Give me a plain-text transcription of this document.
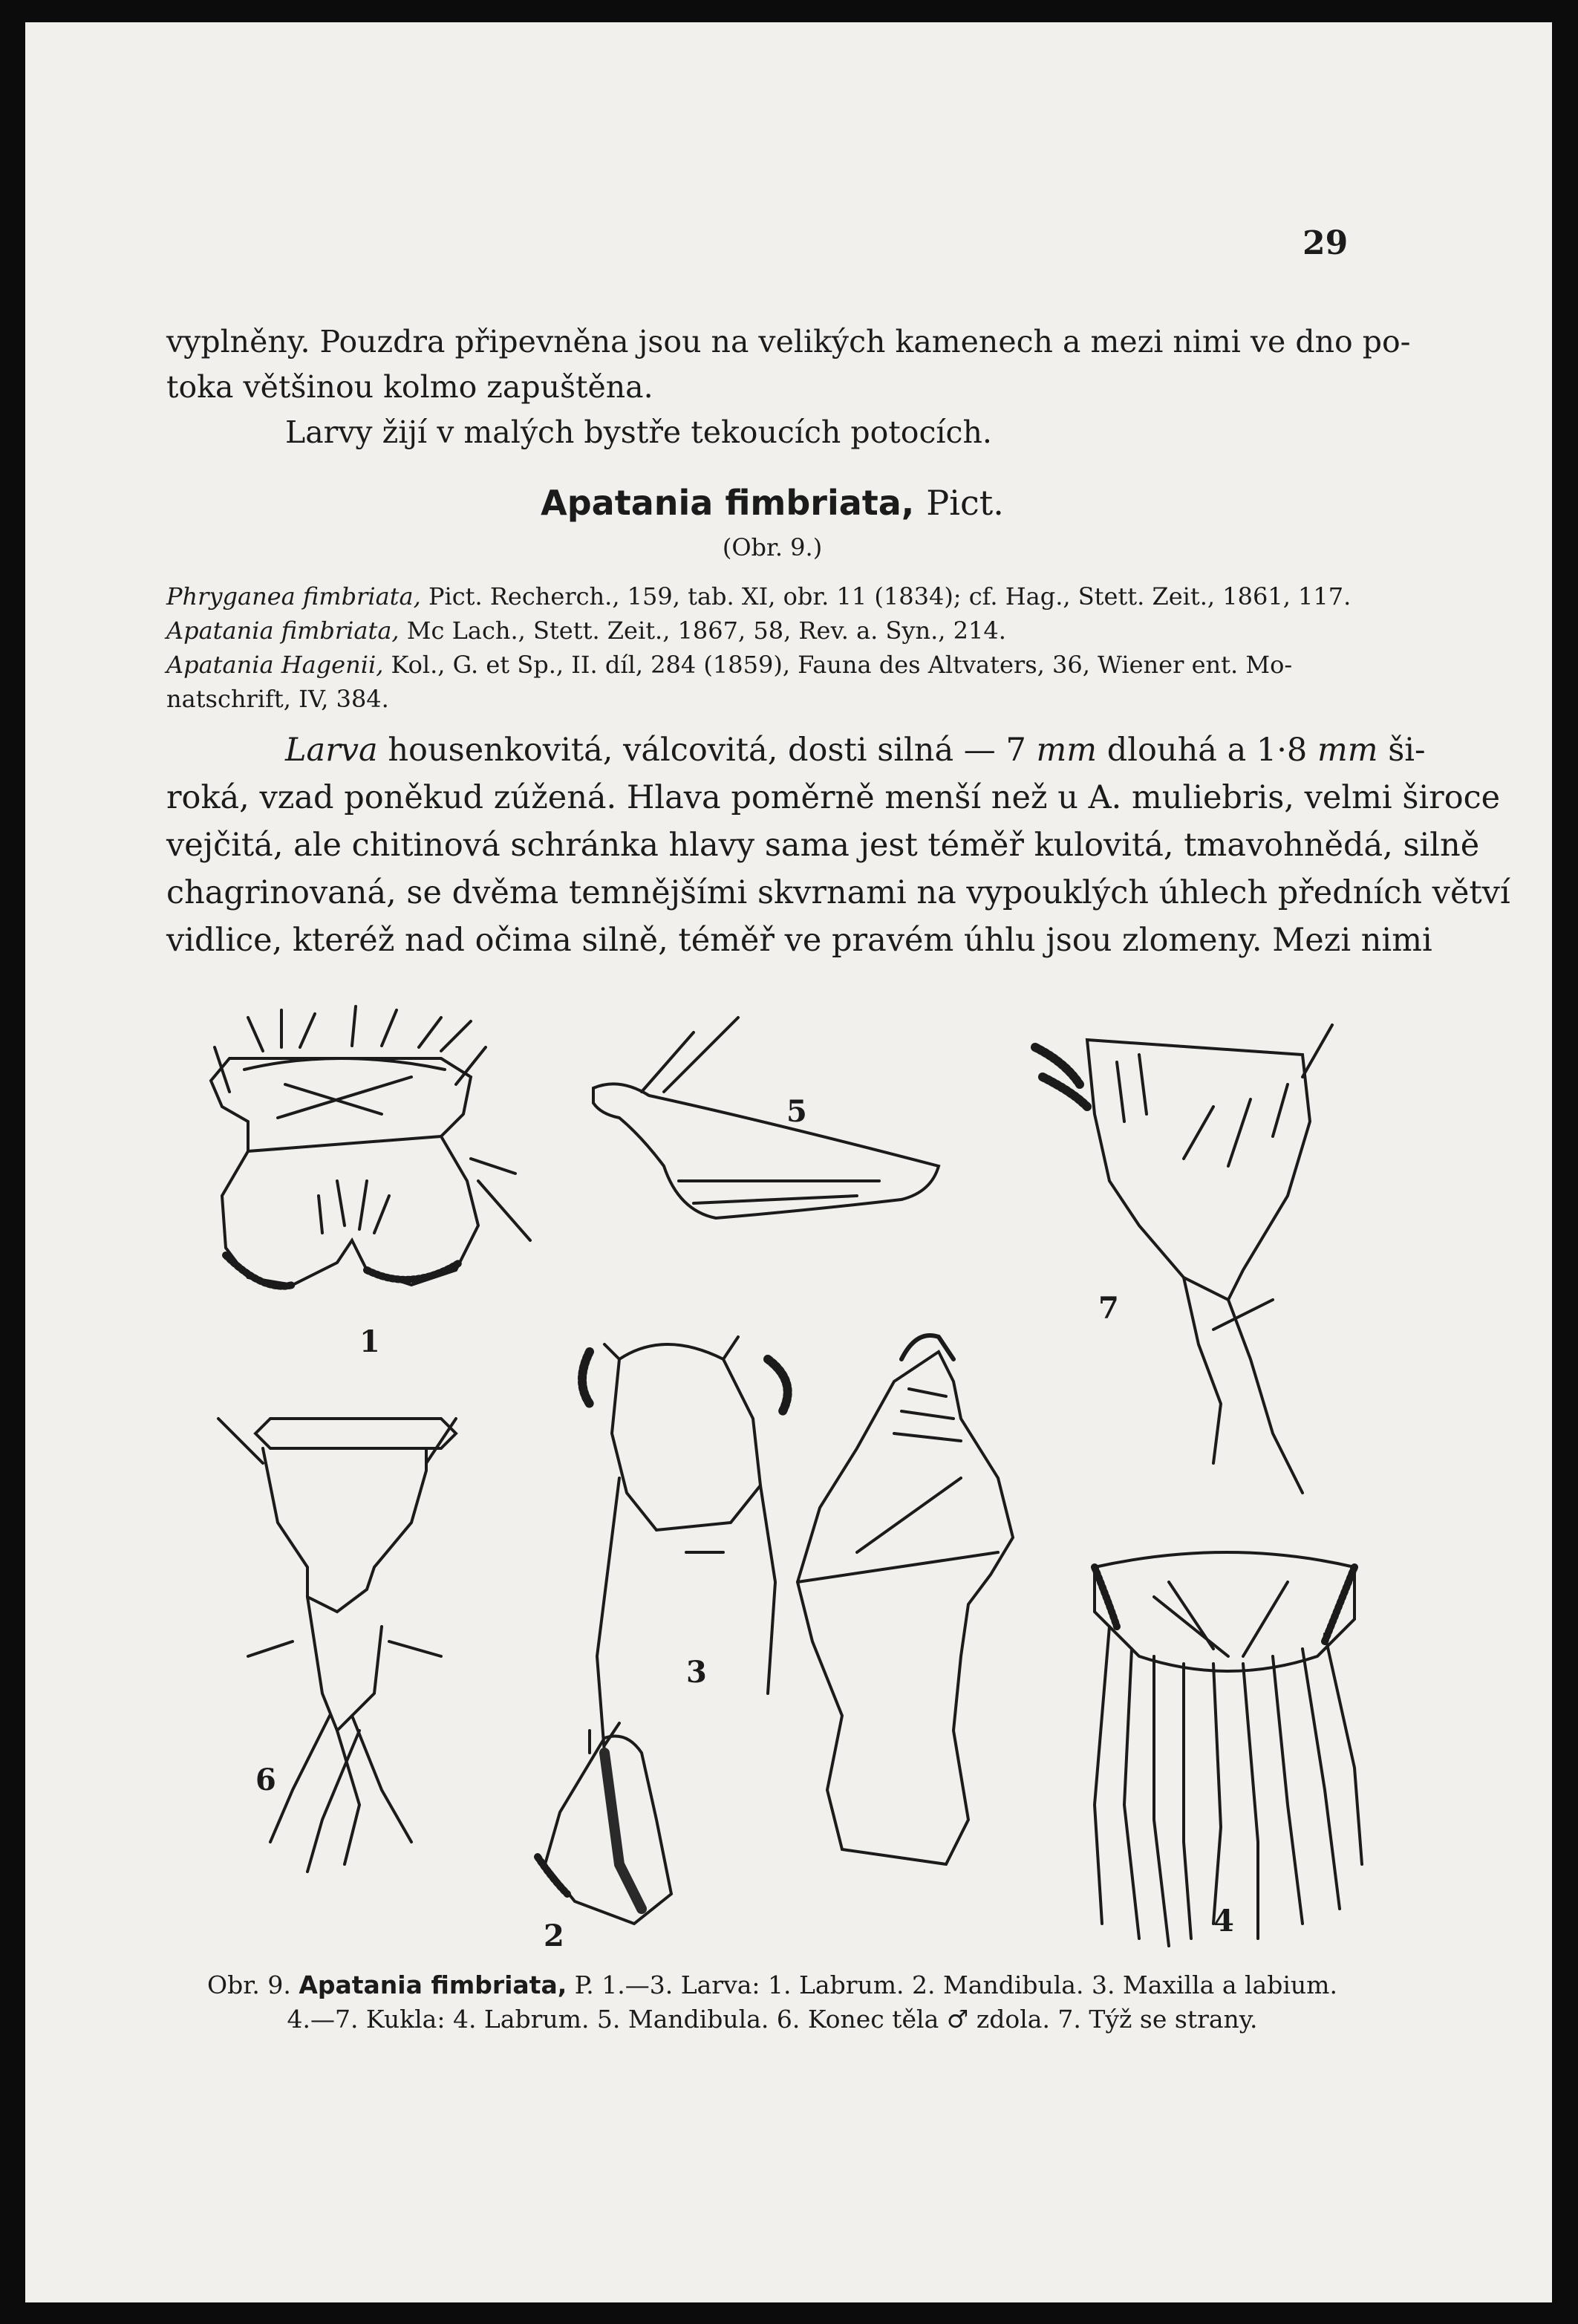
29
vyplněny. Pouzdra připevněna jsou na velikých kamenech a mezi nimi ve dno po-
toka většinou kolmo zapuštěna.
Larvy žijí v malých bystře tekoucích potocích.
Apatania fimbriata, Pict.
(Obr. 9.)
Phryganea fimbriata, Pict. Recherch., 159, tab. XI, obr. 11 (1834); cf. Hag., Stett. Zeit., 1861, 117.
Apatania fimbriata, Mc Lach., Stett. Zeit., 1867, 58, Rev. a. Syn., 214.
Apatania Hagenii, Kol., G. et Sp., II. díl, 284 (1859), Fauna des Altvaters, 36, Wiener ent. Mo-
natschrift, IV, 384.
Larva housenkovitá, válcovitá, dosti silná — 7 mm dlouhá a 1·8 mm ši-
roká, vzad poněkud zúžená. Hlava poměrně menší než u A. muliebris, velmi široce
vejčitá, ale chitinová schránka hlavy sama jest téměř kulovitá, tmavohnědá, silně
chagrinovaná, se dvěma temnějšími skvrnami na vypouklých úhlech předních větví
vidlice, kteréž nad očima silně, téměř ve pravém úhlu jsou zlomeny. Mezi nimi
1
5
7
3
6
2	4
Obr. 9. Apatania fimbriata, P. 1.—3. Larva: 1. Labrum. 2. Mandibula. 3. Maxilla a labium.
4.—7. Kukla: 4. Labrum. 5. Mandibula. 6. Konec těla ♂ zdola. 7. Týž se strany.
